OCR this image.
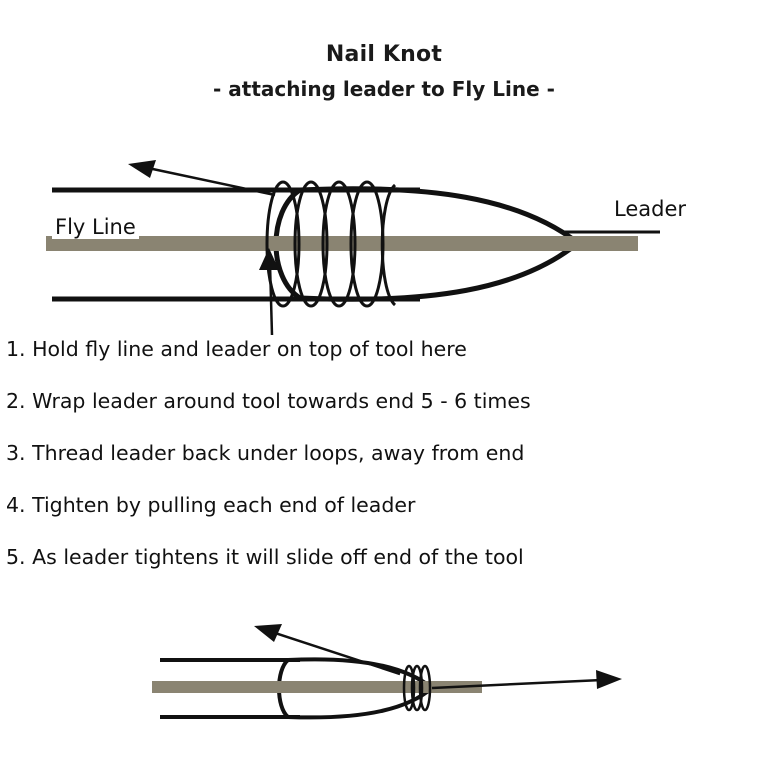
Nail Knot
- attaching leader to Fly Line -
Fly Line
Leader
1. Hold fly line and leader on top of tool here
2. Wrap leader around tool towards end 5 - 6 times
3. Thread leader back under loops, away from end
4. Tighten by pulling each end of leader
5. As leader tightens it will slide off end of the tool
